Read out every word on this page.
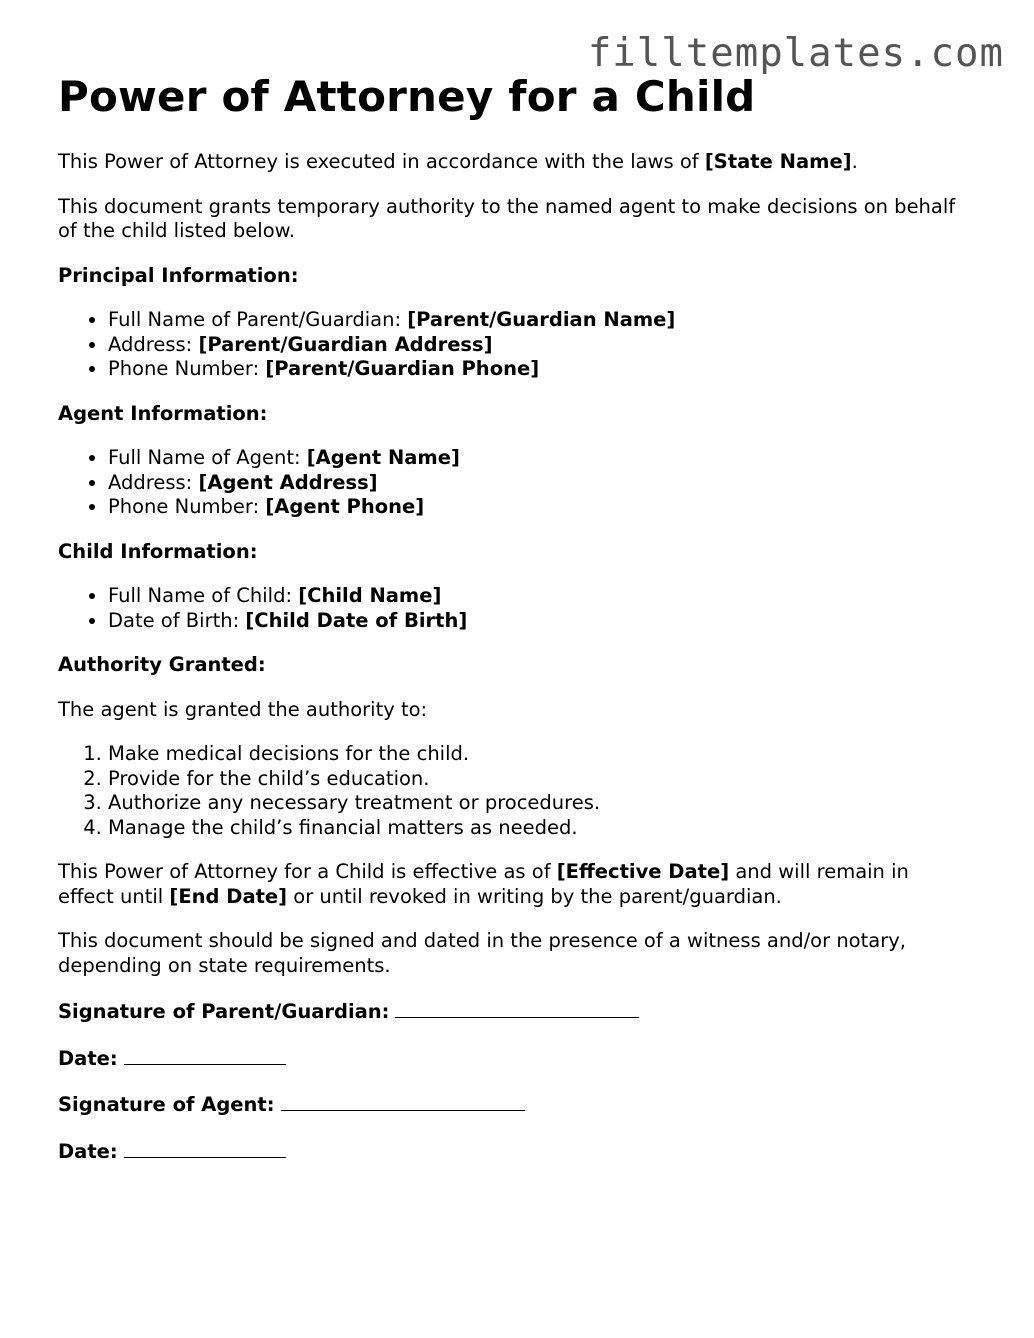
filltemplates.com
Power of Attorney for a Child

This Power of Attorney is executed in accordance with the laws of [State Name].

This document grants temporary authority to the named agent to make decisions on behalf of the child listed below.

Principal Information:

• Full Name of Parent/Guardian: [Parent/Guardian Name]
• Address: [Parent/Guardian Address]
• Phone Number: [Parent/Guardian Phone]

Agent Information:

• Full Name of Agent: [Agent Name]
• Address: [Agent Address]
• Phone Number: [Agent Phone]

Child Information:

• Full Name of Child: [Child Name]
• Date of Birth: [Child Date of Birth]

Authority Granted:

The agent is granted the authority to:

1. Make medical decisions for the child.
2. Provide for the child’s education.
3. Authorize any necessary treatment or procedures.
4. Manage the child’s financial matters as needed.

This Power of Attorney for a Child is effective as of [Effective Date] and will remain in effect until [End Date] or until revoked in writing by the parent/guardian.

This document should be signed and dated in the presence of a witness and/or notary, depending on state requirements.

Signature of Parent/Guardian:

Date:

Signature of Agent:

Date:
